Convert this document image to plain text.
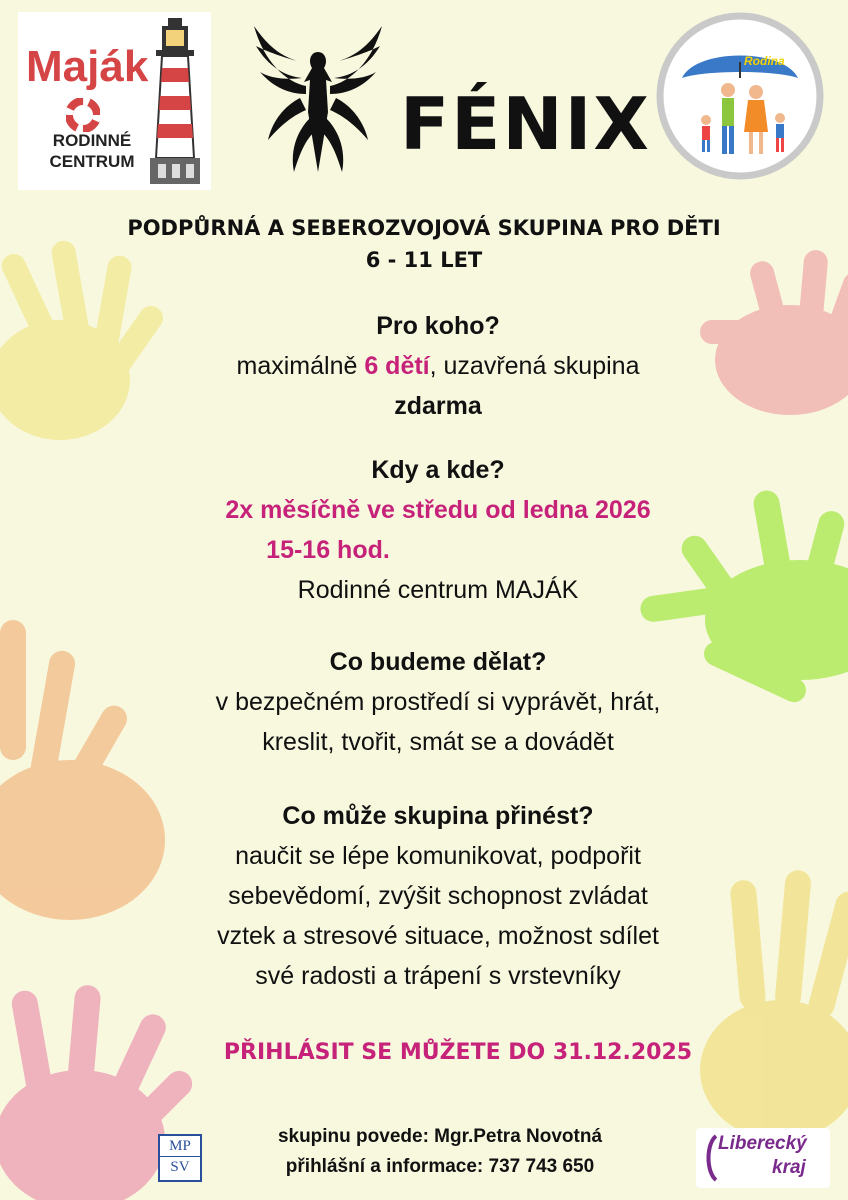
Maják
RODINNÉ
CENTRUM	FÉNIX
Rodina
PODPŮRNÁ A SEBEROZVOJOVÁ SKUPINA PRO DĚTI
6 - 11 LET
Pro koho?
maximálně 6 dětí, uzavřená skupina
zdarma
Kdy a kde?
2x měsíčně ve středu od ledna 2026
15-16 hod.
Rodinné centrum MAJÁK
Co budeme dělat?
v bezpečném prostředí si vyprávět, hrát,
kreslit, tvořit, smát se a dovádět
Co může skupina přinést?
naučit se lépe komunikovat, podpořit
sebevědomí, zvýšit schopnost zvládat
vztek a stresové situace, možnost sdílet
své radosti a trápení s vrstevníky
PŘIHLÁSIT SE MŮŽETE DO 31.12.2025
skupinu povede: Mgr.Petra Novotná
přihlášní a informace: 737 743 650
MP
SV
Liberecký
kraj
